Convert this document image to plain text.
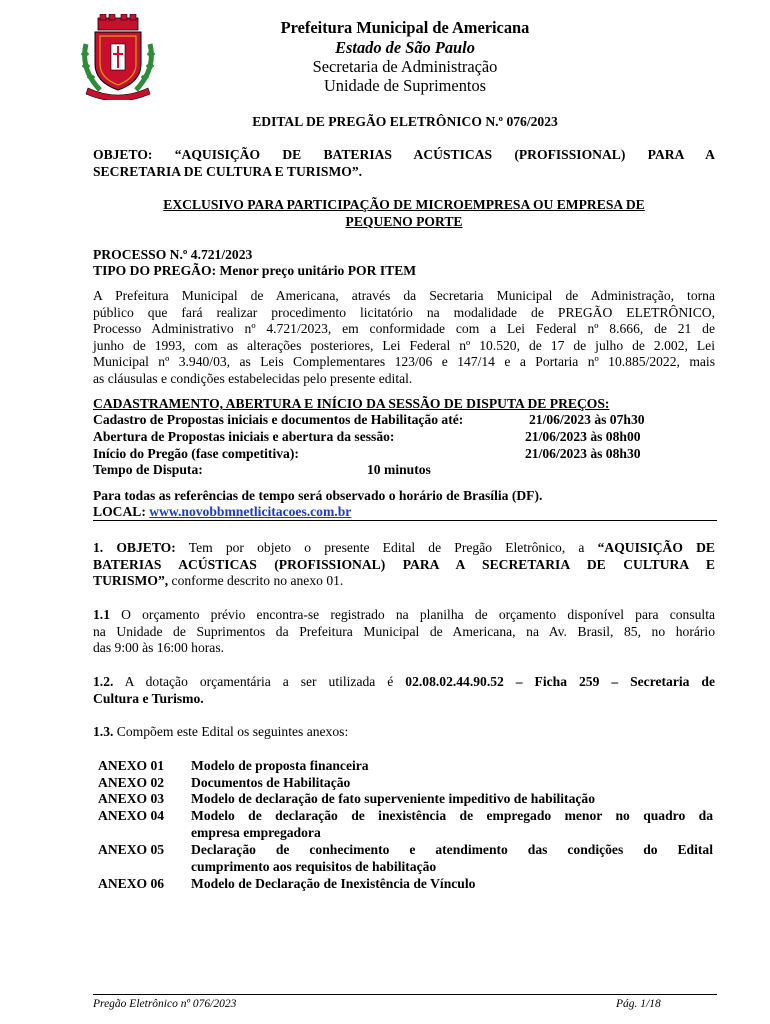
Prefeitura Municipal de Americana
Estado de São Paulo
Secretaria de Administração
Unidade de Suprimentos
EDITAL DE PREGÃO ELETRÔNICO N.º 076/2023
OBJETO: “AQUISIÇÃO DE BATERIAS ACÚSTICAS (PROFISSIONAL) PARA A
SECRETARIA DE CULTURA E TURISMO”.
EXCLUSIVO PARA PARTICIPAÇÃO DE MICROEMPRESA OU EMPRESA DE
PEQUENO PORTE
PROCESSO N.º 4.721/2023
TIPO DO PREGÃO: Menor preço unitário POR ITEM
A Prefeitura Municipal de Americana, através da Secretaria Municipal de Administração, torna
público que fará realizar procedimento licitatório na modalidade de PREGÃO ELETRÔNICO,
Processo Administrativo nº 4.721/2023, em conformidade com a Lei Federal nº 8.666, de 21 de
junho de 1993, com as alterações posteriores, Lei Federal nº 10.520, de 17 de julho de 2.002, Lei
Municipal nº 3.940/03, as Leis Complementares 123/06 e 147/14 e a Portaria nº 10.885/2022, mais
as cláusulas e condições estabelecidas pelo presente edital.
CADASTRAMENTO, ABERTURA E INÍCIO DA SESSÃO DE DISPUTA DE PREÇOS:
Cadastro de Propostas iniciais e documentos de Habilitação até:	21/06/2023 às 07h30
Abertura de Propostas iniciais e abertura da sessão:	21/06/2023 às 08h00
Início do Pregão (fase competitiva):	21/06/2023 às 08h30
Tempo de Disputa:	10 minutos
Para todas as referências de tempo será observado o horário de Brasília (DF).
LOCAL: www.novobbmnetlicitacoes.com.br
1. OBJETO: Tem por objeto o presente Edital de Pregão Eletrônico, a “AQUISIÇÃO DE
BATERIAS ACÚSTICAS (PROFISSIONAL) PARA A SECRETARIA DE CULTURA E
TURISMO”, conforme descrito no anexo 01.
1.1 O orçamento prévio encontra-se registrado na planilha de orçamento disponível para consulta
na Unidade de Suprimentos da Prefeitura Municipal de Americana, na Av. Brasil, 85, no horário
das 9:00 às 16:00 horas.
1.2. A dotação orçamentária a ser utilizada é 02.08.02.44.90.52 – Ficha 259 – Secretaria de
Cultura e Turismo.
1.3. Compõem este Edital os seguintes anexos:
ANEXO 01 Modelo de proposta financeira
ANEXO 02 Documentos de Habilitação
ANEXO 03 Modelo de declaração de fato superveniente impeditivo de habilitação
ANEXO 04 Modelo de declaração de inexistência de empregado menor no quadro da
empresa empregadora
ANEXO 05 Declaração de conhecimento e atendimento das condições do Edital
cumprimento aos requisitos de habilitação
ANEXO 06 Modelo de Declaração de Inexistência de Vínculo
Pregão Eletrônico nº 076/2023	Pág. 1/18
